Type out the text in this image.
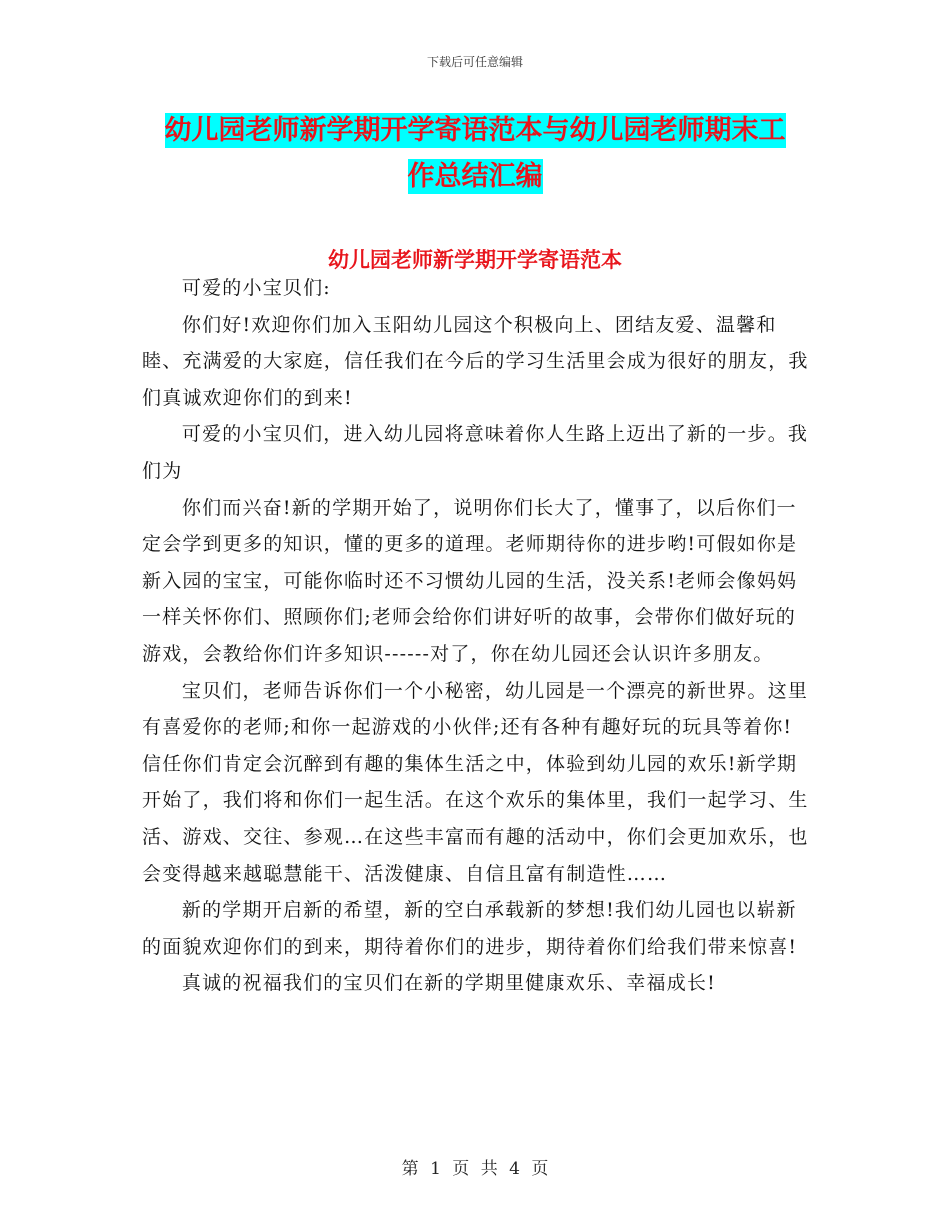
下载后可任意编辑
幼儿园老师新学期开学寄语范本与幼儿园老师期末工
作总结汇编
幼儿园老师新学期开学寄语范本

可爱的小宝贝们:

你们好!欢迎你们加入玉阳幼儿园这个积极向上、团结友爱、温馨和睦、充满爱的大家庭，信任我们在今后的学习生活里会成为很好的朋友，我们真诚欢迎你们的到来!

可爱的小宝贝们，进入幼儿园将意味着你人生路上迈出了新的一步。我们为

你们而兴奋!新的学期开始了，说明你们长大了，懂事了，以后你们一定会学到更多的知识，懂的更多的道理。老师期待你的进步哟!可假如你是新入园的宝宝，可能你临时还不习惯幼儿园的生活，没关系!老师会像妈妈一样关怀你们、照顾你们;老师会给你们讲好听的故事，会带你们做好玩的游戏，会教给你们许多知识------对了，你在幼儿园还会认识许多朋友。

宝贝们，老师告诉你们一个小秘密，幼儿园是一个漂亮的新世界。这里有喜爱你的老师;和你一起游戏的小伙伴;还有各种有趣好玩的玩具等着你!信任你们肯定会沉醉到有趣的集体生活之中，体验到幼儿园的欢乐!新学期开始了，我们将和你们一起生活。在这个欢乐的集体里，我们一起学习、生活、游戏、交往、参观…在这些丰富而有趣的活动中，你们会更加欢乐，也会变得越来越聪慧能干、活泼健康、自信且富有制造性……

新的学期开启新的希望，新的空白承载新的梦想!我们幼儿园也以崭新的面貌欢迎你们的到来，期待着你们的进步，期待着你们给我们带来惊喜!

真诚的祝福我们的宝贝们在新的学期里健康欢乐、幸福成长!

第 1 页 共 4 页
